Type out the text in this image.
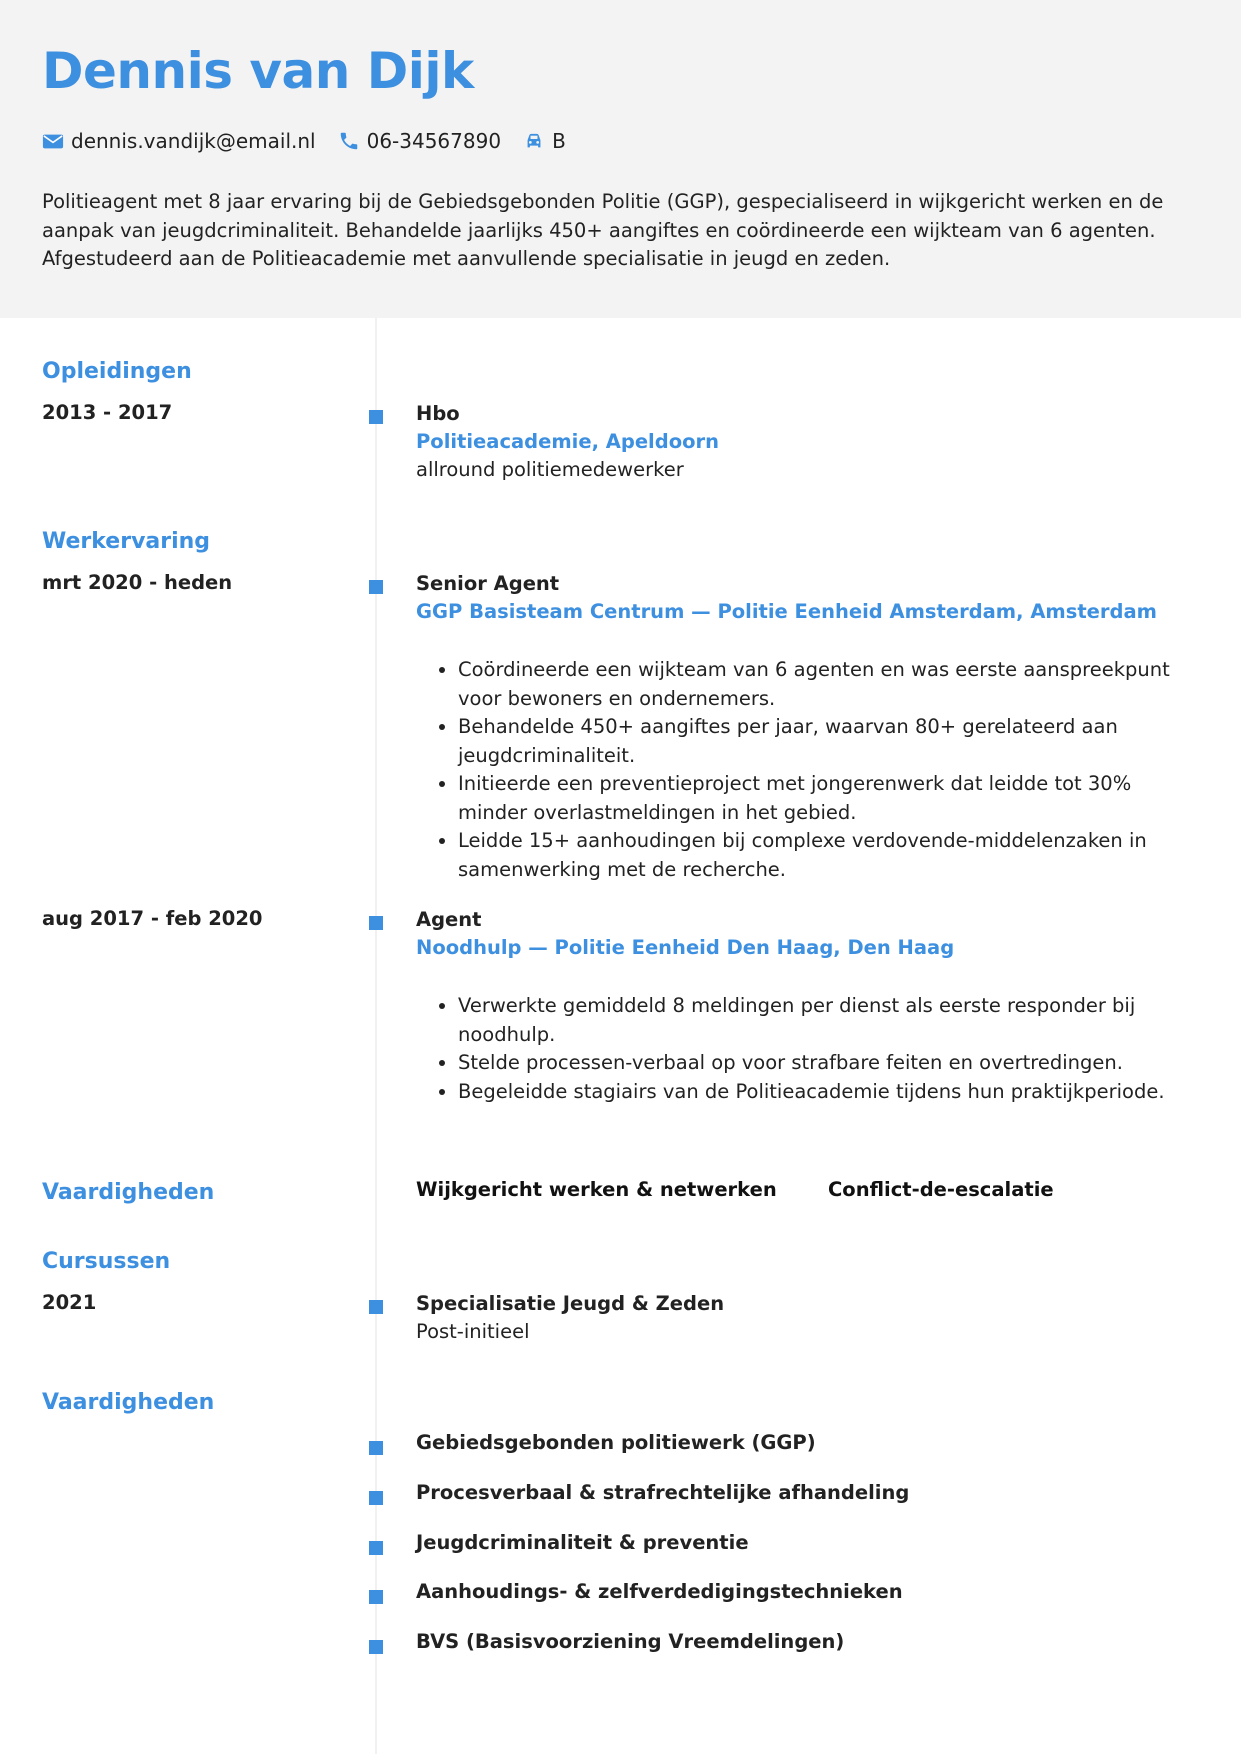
Dennis van Dijk
dennis.vandijk@email.nl	06-34567890	B

Politieagent met 8 jaar ervaring bij de Gebiedsgebonden Politie (GGP), gespecialiseerd in wijkgericht werken en de aanpak van jeugdcriminaliteit. Behandelde jaarlijks 450+ aangiftes en coördineerde een wijkteam van 6 agenten. Afgestudeerd aan de Politieacademie met aanvullende specialisatie in jeugd en zeden.

Opleidingen
2013 - 2017	Hbo
Politieacademie, Apeldoorn
allround politiemedewerker
Werkervaring
mrt 2020 - heden	Senior Agent
GGP Basisteam Centrum — Politie Eenheid Amsterdam, Amsterdam
• Coördineerde een wijkteam van 6 agenten en was eerste aanspreekpunt voor bewoners en ondernemers.
• Behandelde 450+ aangiftes per jaar, waarvan 80+ gerelateerd aan jeugdcriminaliteit.
• Initieerde een preventieproject met jongerenwerk dat leidde tot 30% minder overlastmeldingen in het gebied.
• Leidde 15+ aanhoudingen bij complexe verdovende-middelenzaken in samenwerking met de recherche.
aug 2017 - feb 2020	Agent
Noodhulp — Politie Eenheid Den Haag, Den Haag
• Verwerkte gemiddeld 8 meldingen per dienst als eerste responder bij noodhulp.
• Stelde processen-verbaal op voor strafbare feiten en overtredingen.
• Begeleidde stagiairs van de Politieacademie tijdens hun praktijkperiode.
Vaardigheden	Wijkgericht werken & netwerken	Conflict-de-escalatie
Cursussen
2021	Specialisatie Jeugd & Zeden
Post-initieel
Vaardigheden
Gebiedsgebonden politiewerk (GGP)
Procesverbaal & strafrechtelijke afhandeling
Jeugdcriminaliteit & preventie
Aanhoudings- & zelfverdedigingstechnieken
BVS (Basisvoorziening Vreemdelingen)
